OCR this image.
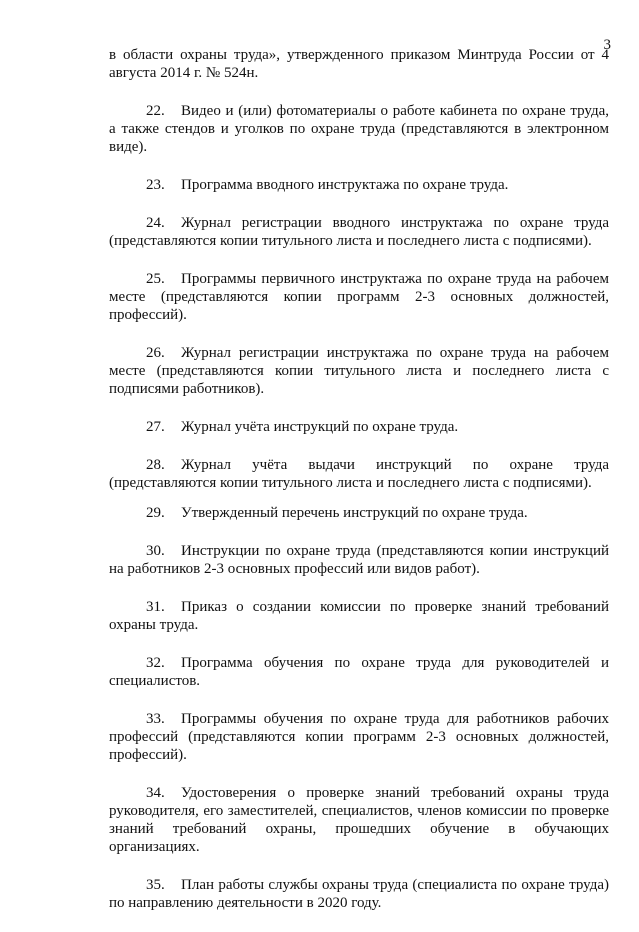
3

в области охраны труда», утвержденного приказом Минтруда России от 4 августа 2014 г. № 524н.

22. Видео и (или) фотоматериалы о работе кабинета по охране труда, а также стендов и уголков по охране труда (представляются в электронном виде).

23. Программа вводного инструктажа по охране труда.

24. Журнал регистрации вводного инструктажа по охране труда (представляются копии титульного листа и последнего листа с подписями).

25. Программы первичного инструктажа по охране труда на рабочем месте (представляются копии программ 2-3 основных должностей, профессий).

26. Журнал регистрации инструктажа по охране труда на рабочем месте (представляются копии титульного листа и последнего листа с подписями работников).

27. Журнал учёта инструкций по охране труда.

28. Журнал учёта выдачи инструкций по охране труда (представляются копии титульного листа и последнего листа с подписями).

29. Утвержденный перечень инструкций по охране труда.

30. Инструкции по охране труда (представляются копии инструкций на работников 2-3 основных профессий или видов работ).

31. Приказ о создании комиссии по проверке знаний требований охраны труда.

32. Программа обучения по охране труда для руководителей и специалистов.

33. Программы обучения по охране труда для работников рабочих профессий (представляются копии программ 2-3 основных должностей, профессий).

34. Удостоверения о проверке знаний требований охраны труда руководителя, его заместителей, специалистов, членов комиссии по проверке знаний требований охраны, прошедших обучение в обучающих организациях.

35. План работы службы охраны труда (специалиста по охране труда) по направлению деятельности в 2020 году.
